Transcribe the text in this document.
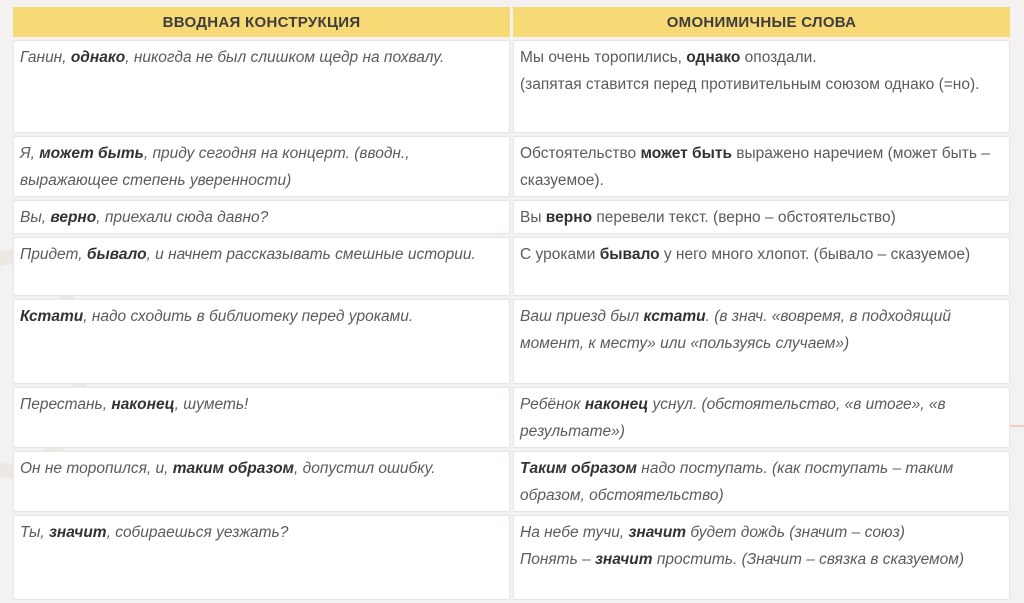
ВВОДНАЯ КОНСТРУКЦИЯ	ОМОНИМИЧНЫЕ СЛОВА
Ганин, однако, никогда не был слишком щедр на похвалу.	Мы очень торопились, однако опоздали.
(запятая ставится перед противительным союзом однако (=но).
Я, может быть, приду сегодня на концерт. (вводн., выражающее степень уверенности)	Обстоятельство может быть выражено наречием (может быть – сказуемое).
Вы, верно, приехали сюда давно?	Вы верно перевели текст. (верно – обстоятельство)
Придет, бывало, и начнет рассказывать смешные истории.	С уроками бывало у него много хлопот. (бывало – сказуемое)
Кстати, надо сходить в библиотеку перед уроками.	Ваш приезд был кстати. (в знач. «вовремя, в подходящий момент, к месту» или «пользуясь случаем»)
Перестань, наконец, шуметь!	Ребёнок наконец уснул. (обстоятельство, «в итоге», «в результате»)
Он не торопился, и, таким образом, допустил ошибку.	Таким образом надо поступать. (как поступать – таким образом, обстоятельство)
Ты, значит, собираешься уезжать?	На небе тучи, значит будет дождь (значит – союз)
Понять – значит простить. (Значит – связка в сказуемом)
